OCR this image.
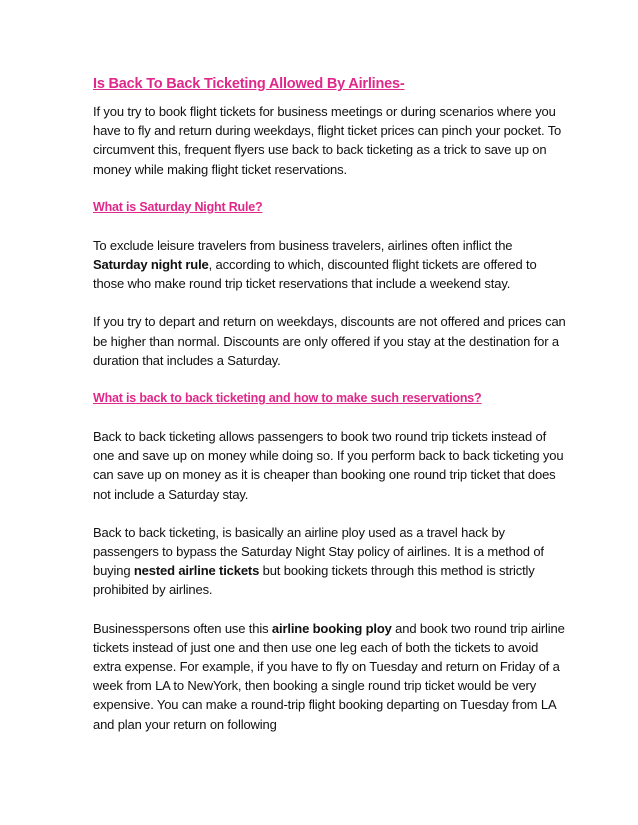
Is Back To Back Ticketing Allowed By Airlines-

If you try to book flight tickets for business meetings or during scenarios where you have to fly and return during weekdays, flight ticket prices can pinch your pocket. To circumvent this, frequent flyers use back to back ticketing as a trick to save up on money while making flight ticket reservations.

What is Saturday Night Rule?

To exclude leisure travelers from business travelers, airlines often inflict the Saturday night rule, according to which, discounted flight tickets are offered to those who make round trip ticket reservations that include a weekend stay.

If you try to depart and return on weekdays, discounts are not offered and prices can be higher than normal. Discounts are only offered if you stay at the destination for a duration that includes a Saturday.

What is back to back ticketing and how to make such reservations?

Back to back ticketing allows passengers to book two round trip tickets instead of one and save up on money while doing so. If you perform back to back ticketing you can save up on money as it is cheaper than booking one round trip ticket that does not include a Saturday stay.

Back to back ticketing, is basically an airline ploy used as a travel hack by passengers to bypass the Saturday Night Stay policy of airlines. It is a method of buying nested airline tickets but booking tickets through this method is strictly prohibited by airlines.

Businesspersons often use this airline booking ploy and book two round trip airline tickets instead of just one and then use one leg each of both the tickets to avoid extra expense. For example, if you have to fly on Tuesday and return on Friday of a week from LA to NewYork, then booking a single round trip ticket would be very expensive. You can make a round-trip flight booking departing on Tuesday from LA and plan your return on following
